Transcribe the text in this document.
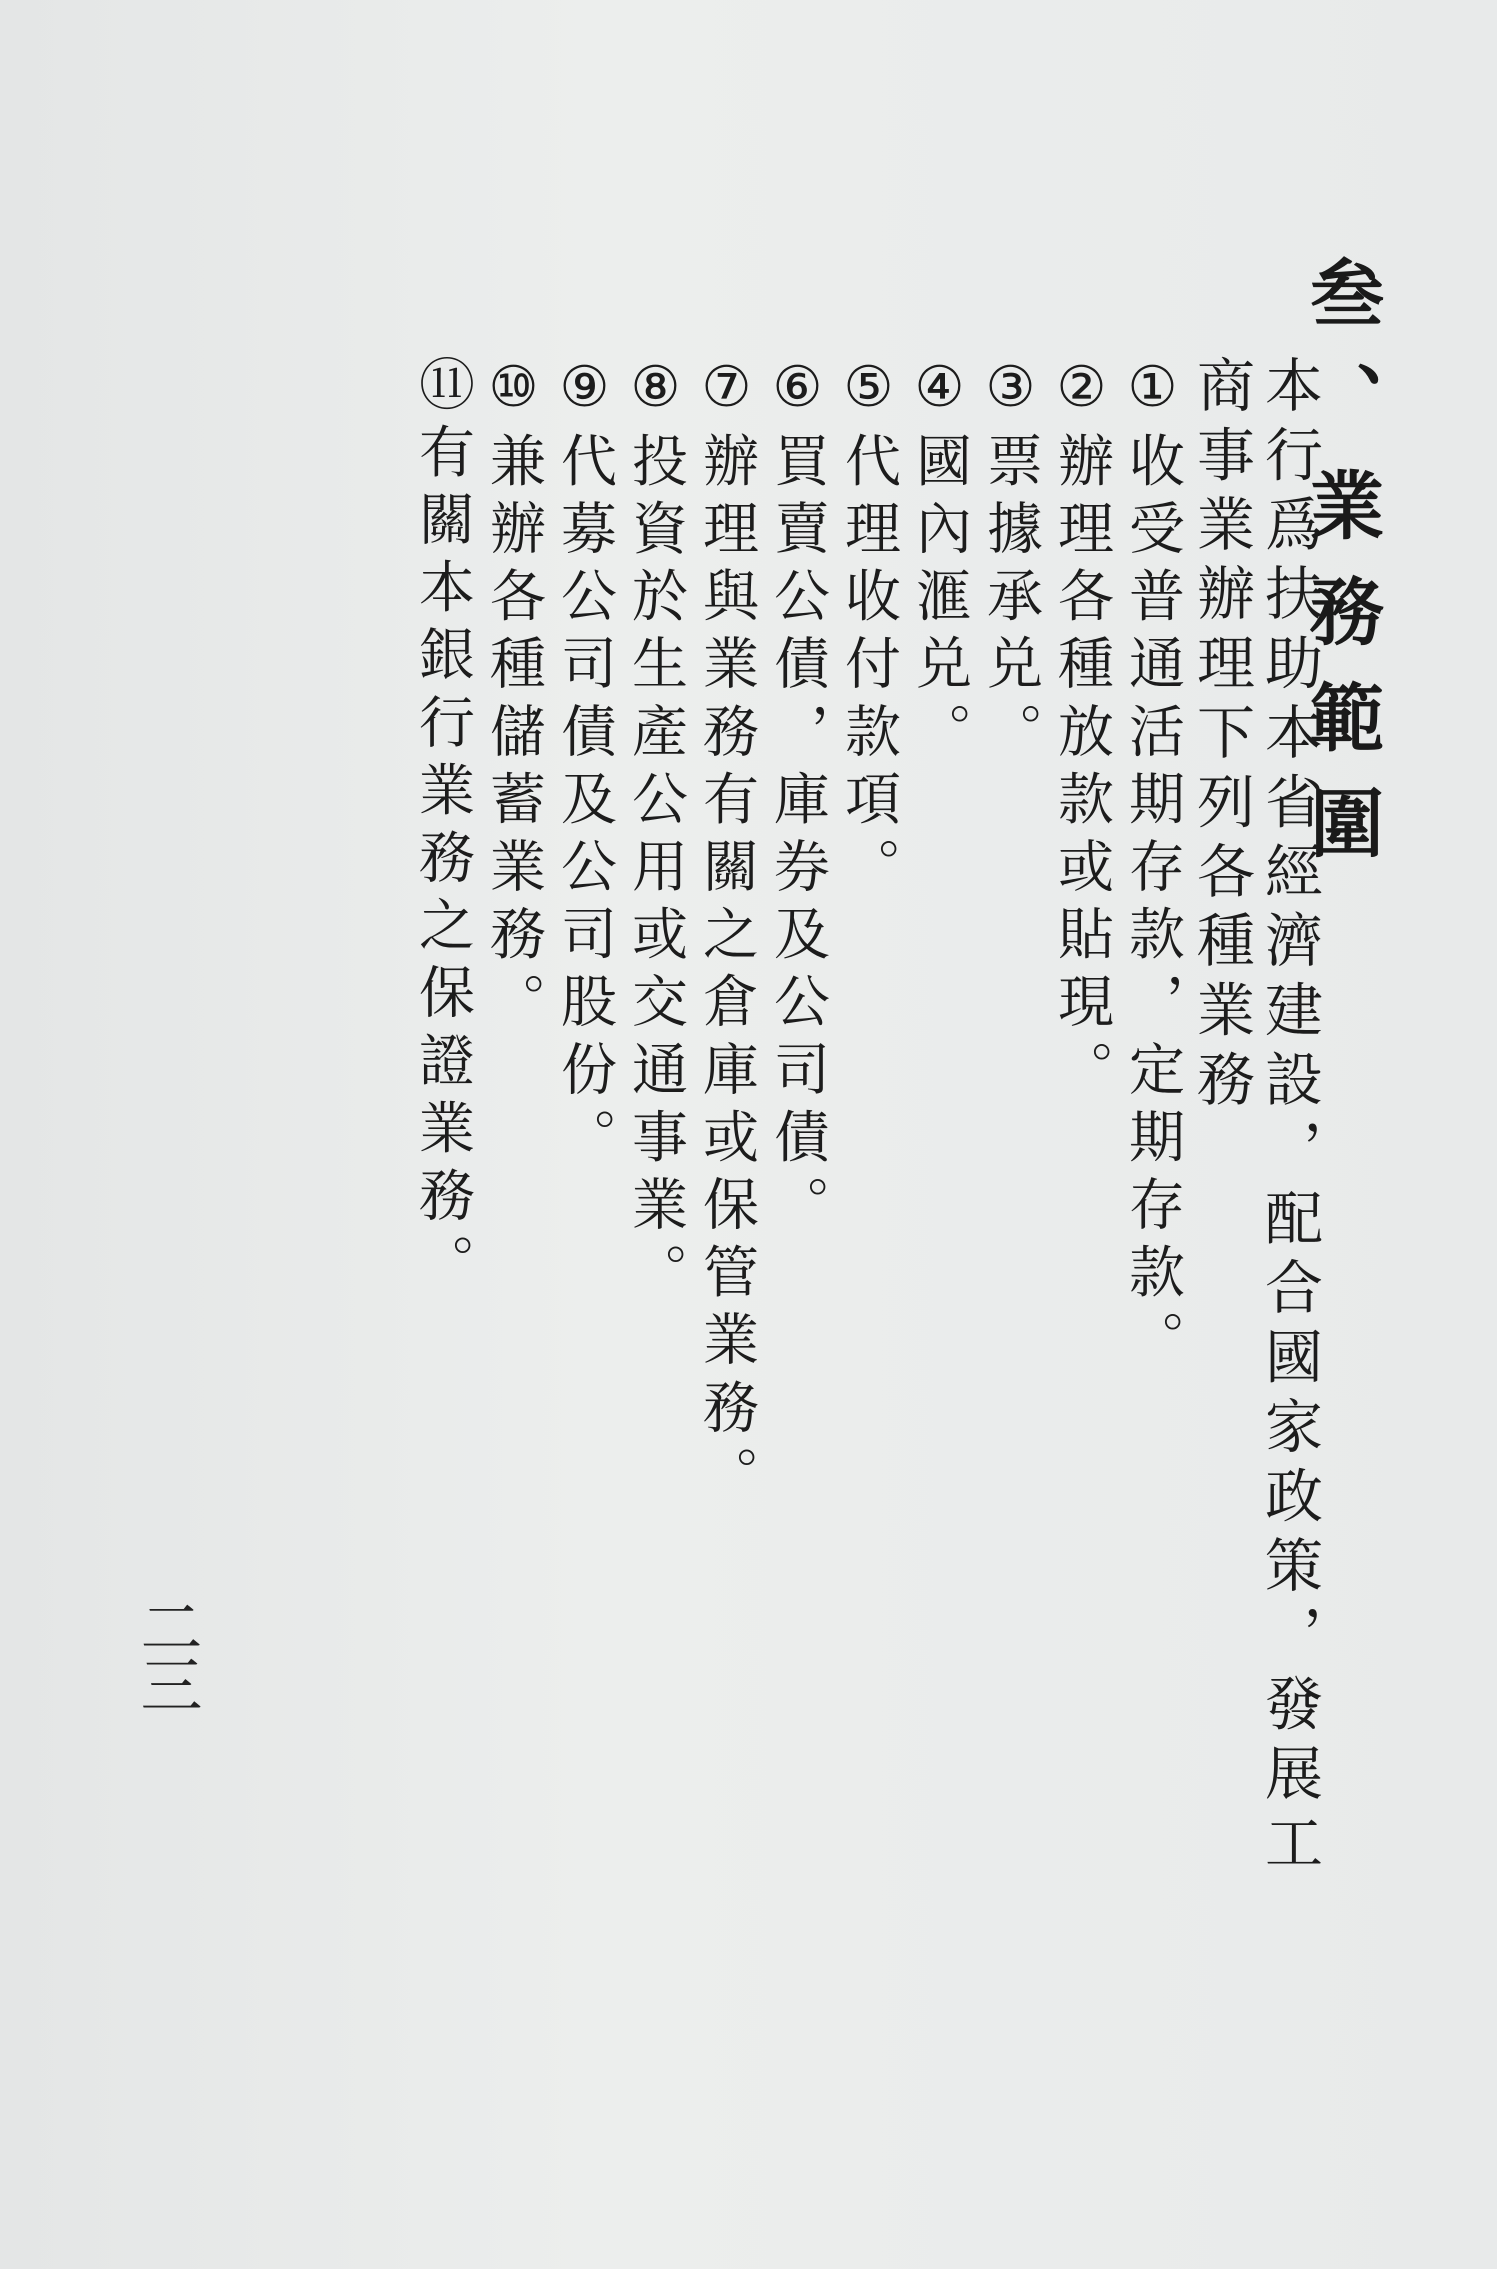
叁、業務範圍
本行爲扶助本省經濟建設，配合國家政策，發展工商事業辦理下列各種業務
①收受普通活期存款，定期存款。
②辦理各種放款或貼現。
③票據承兑。
④國內滙兑。
⑤代理收付款項。
⑥買賣公債，庫券及公司債。
⑦辦理與業務有關之倉庫或保管業務。
⑧投資於生產公用或交通事業。
⑨代募公司債及公司股份。
⑩兼辦各種儲蓄業務。
⑪有關本銀行業務之保證業務。
二三
